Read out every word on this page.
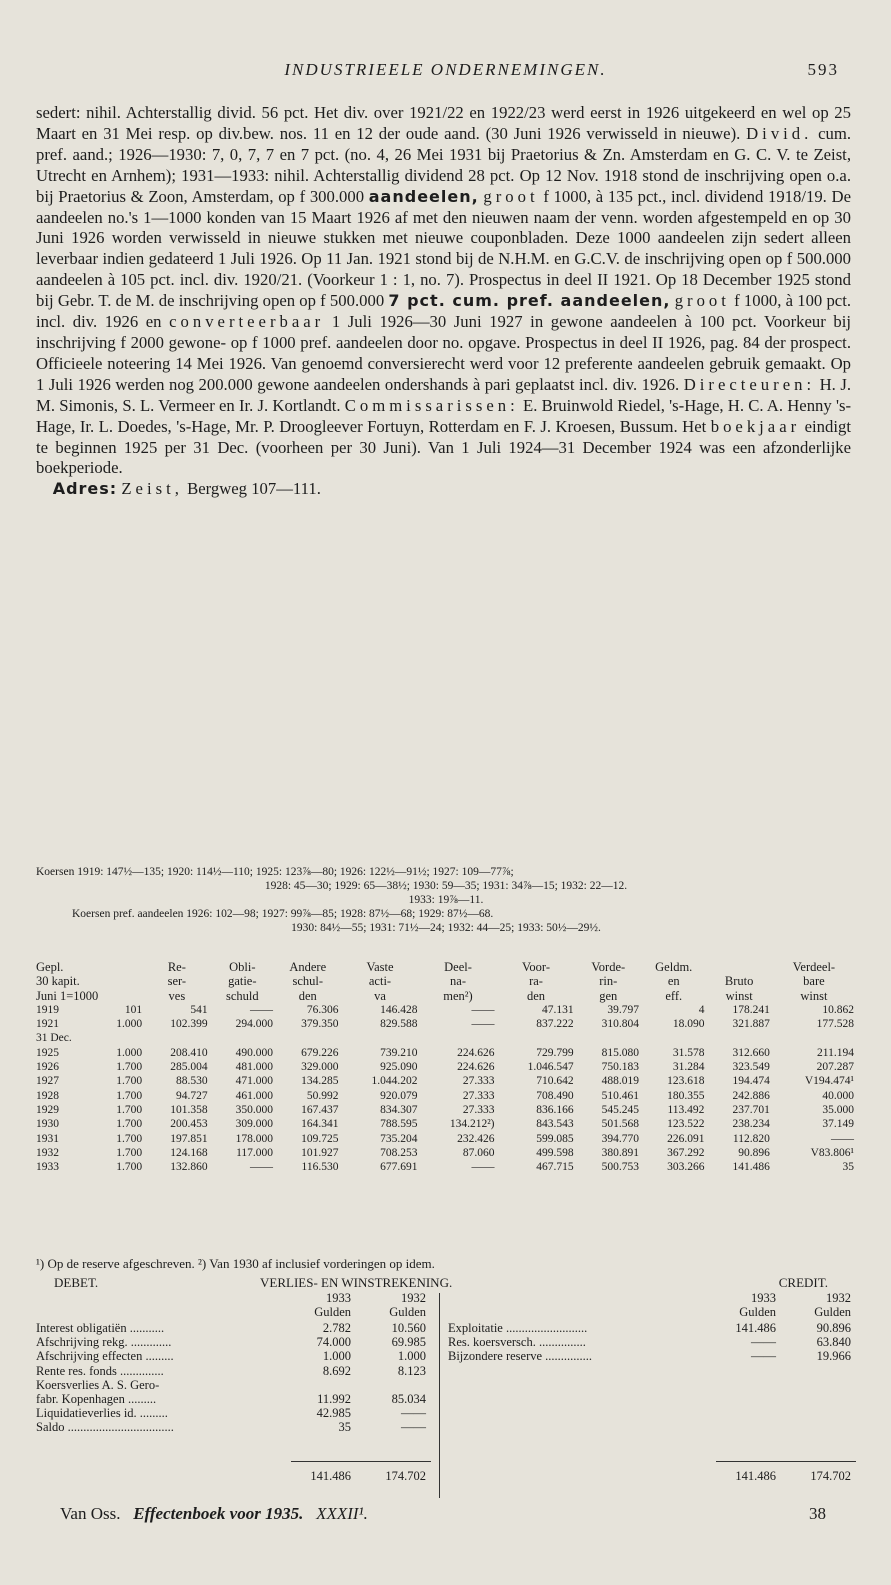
INDUSTRIEELE ONDERNEMINGEN.	593

sedert: nihil. Achterstallig divid. 56 pct. Het div. over 1921/22 en 1922/23 werd eerst in 1926 uitgekeerd en wel op 25 Maart en 31 Mei resp. op div.bew. nos. 11 en 12 der oude aand. (30 Juni 1926 verwisseld in nieuwe). Divid. cum. pref. aand.; 1926—1930: 7, 0, 7, 7 en 7 pct. (no. 4, 26 Mei 1931 bij Praetorius & Zn. Amsterdam en G. C. V. te Zeist, Utrecht en Arnhem); 1931—1933: nihil. Achterstallig dividend 28 pct. Op 12 Nov. 1918 stond de inschrijving open o.a. bij Praetorius & Zoon, Amsterdam, op f 300.000 aandeelen, groot f 1000, à 135 pct., incl. dividend 1918/19. De aandeelen no.'s 1—1000 konden van 15 Maart 1926 af met den nieuwen naam der venn. worden afgestempeld en op 30 Juni 1926 worden verwisseld in nieuwe stukken met nieuwe couponbladen. Deze 1000 aandeelen zijn sedert alleen leverbaar indien gedateerd 1 Juli 1926. Op 11 Jan. 1921 stond bij de N.H.M. en G.C.V. de inschrijving open op f 500.000 aandeelen à 105 pct. incl. div. 1920/21. (Voorkeur 1 : 1, no. 7). Prospectus in deel II 1921. Op 18 December 1925 stond bij Gebr. T. de M. de inschrijving open op f 500.000 7 pct. cum. pref. aandeelen, groot f 1000, à 100 pct. incl. div. 1926 en converteerbaar 1 Juli 1926—30 Juni 1927 in gewone aandeelen à 100 pct. Voorkeur bij inschrijving f 2000 gewone- op f 1000 pref. aandeelen door no. opgave. Prospectus in deel II 1926, pag. 84 der prospect. Officieele noteering 14 Mei 1926. Van genoemd conversierecht werd voor 12 preferente aandeelen gebruik gemaakt. Op 1 Juli 1926 werden nog 200.000 gewone aandeelen ondershands à pari geplaatst incl. div. 1926. Directeuren: H. J. M. Simonis, S. L. Vermeer en Ir. J. Kortlandt. Commissarissen: E. Bruinwold Riedel, 's-Hage, H. C. A. Henny 's-Hage, Ir. L. Doedes, 's-Hage, Mr. P. Droogleever Fortuyn, Rotterdam en F. J. Kroesen, Bussum. Het boekjaar eindigt te beginnen 1925 per 31 Dec. (voorheen per 30 Juni). Van 1 Juli 1924—31 December 1924 was een afzonderlijke boekperiode.

Adres: Zeist, Bergweg 107—111.

Koersen 1919: 147½—135; 1920: 114½—110; 1925: 123⅞—80; 1926: 122½—91½; 1927: 109—77⅞;
1928: 45—30; 1929: 65—38½; 1930: 59—35; 1931: 34⅞—15; 1932: 22—12.
1933: 19⅞—11.
Koersen pref. aandeelen 1926: 102—98; 1927: 99⅞—85; 1928: 87½—68; 1929: 87½—68.
1930: 84½—55; 1931: 71½—24; 1932: 44—25; 1933: 50½—29½.
Gepl.		Re-	Obli-	Andere	Vaste	Deel-	Voor-	Vorde-	Geldm.		Verdeel-
30 kapit.		ser-	gatie-	schul-	acti-	na-	ra-	rin-	en	Bruto	bare
Juni 1=1000		ves	schuld	den	va	men²)	den	gen	eff.	winst	winst
1919	101	541	——	76.306	146.428	——	47.131	39.797	4	178.241	10.862
1921	1.000	102.399	294.000	379.350	829.588	——	837.222	310.804	18.090	321.887	177.528
31 Dec.											
1925	1.000	208.410	490.000	679.226	739.210	224.626	729.799	815.080	31.578	312.660	211.194
1926	1.700	285.004	481.000	329.000	925.090	224.626	1.046.547	750.183	31.284	323.549	207.287
1927	1.700	88.530	471.000	134.285	1.044.202	27.333	710.642	488.019	123.618	194.474	V194.474¹
1928	1.700	94.727	461.000	50.992	920.079	27.333	708.490	510.461	180.355	242.886	40.000
1929	1.700	101.358	350.000	167.437	834.307	27.333	836.166	545.245	113.492	237.701	35.000
1930	1.700	200.453	309.000	164.341	788.595	134.212²)	843.543	501.568	123.522	238.234	37.149
1931	1.700	197.851	178.000	109.725	735.204	232.426	599.085	394.770	226.091	112.820	——
1932	1.700	124.168	117.000	101.927	708.253	87.060	499.598	380.891	367.292	90.896	V83.806¹
1933	1.700	132.860	——	116.530	677.691	——	467.715	500.753	303.266	141.486	35
¹) Op de reserve afgeschreven. ²) Van 1930 af inclusief vorderingen op idem.
DEBET.	VERLIES- EN WINSTREKENING.	CREDIT.
1933	1932
Gulden	Gulden
1933	1932
Gulden	Gulden
Interest obligatiën ...........	2.782	10.560
Afschrijving rekg. .............	74.000	69.985
Afschrijving effecten .........	1.000	1.000
Rente res. fonds ..............	8.692	8.123
Koersverlies A. S. Gero-
fabr. Kopenhagen .........	11.992	85.034
Liquidatieverlies id. .........	42.985	——
Saldo ..................................	35	——
Exploitatie ..........................	141.486	90.896
Res. koersversch. ...............	——	63.840
Bijzondere reserve ...............	——	19.966
141.486	174.702	141.486	174.702
Van Oss. Effectenboek voor 1935. XXXII¹.	38
